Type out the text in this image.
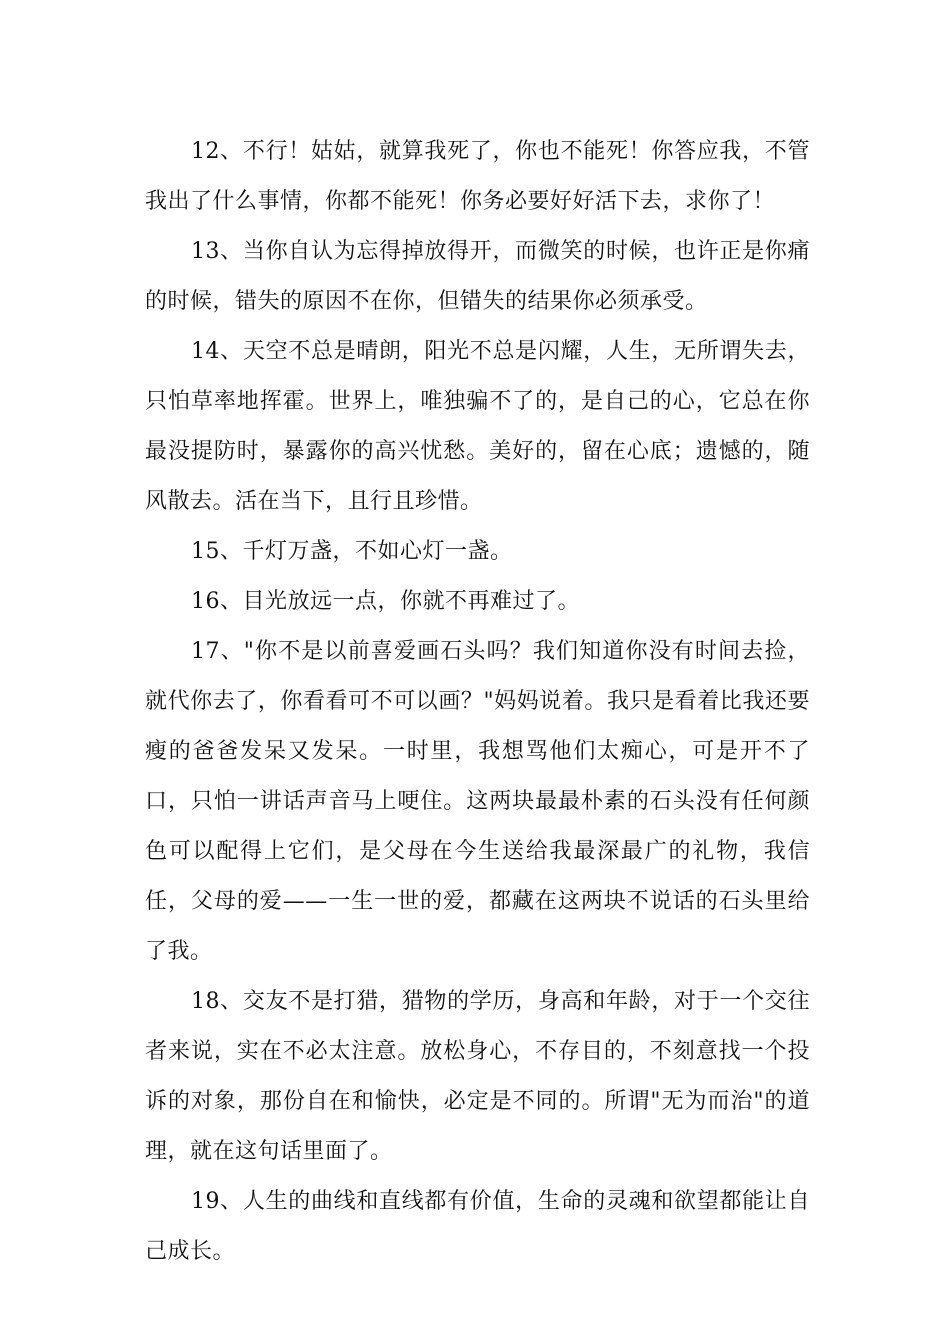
12、不行！姑姑，就算我死了，你也不能死！你答应我，不管我出了什么事情，你都不能死！你务必要好好活下去，求你了！

13、当你自认为忘得掉放得开，而微笑的时候，也许正是你痛的时候，错失的原因不在你，但错失的结果你必须承受。

14、天空不总是晴朗，阳光不总是闪耀，人生，无所谓失去，只怕草率地挥霍。世界上，唯独骗不了的，是自己的心，它总在你最没提防时，暴露你的高兴忧愁。美好的，留在心底；遗憾的，随风散去。活在当下，且行且珍惜。

15、千灯万盏，不如心灯一盏。

16、目光放远一点，你就不再难过了。

17、"你不是以前喜爱画石头吗？我们知道你没有时间去捡，就代你去了，你看看可不可以画？"妈妈说着。我只是看着比我还要瘦的爸爸发呆又发呆。一时里，我想骂他们太痴心，可是开不了口，只怕一讲话声音马上哽住。这两块最最朴素的石头没有任何颜色可以配得上它们，是父母在今生送给我最深最广的礼物，我信任，父母的爱——一生一世的爱，都藏在这两块不说话的石头里给了我。

18、交友不是打猎，猎物的学历，身高和年龄，对于一个交往者来说，实在不必太注意。放松身心，不存目的，不刻意找一个投诉的对象，那份自在和愉快，必定是不同的。所谓"无为而治"的道理，就在这句话里面了。

19、人生的曲线和直线都有价值，生命的灵魂和欲望都能让自己成长。
